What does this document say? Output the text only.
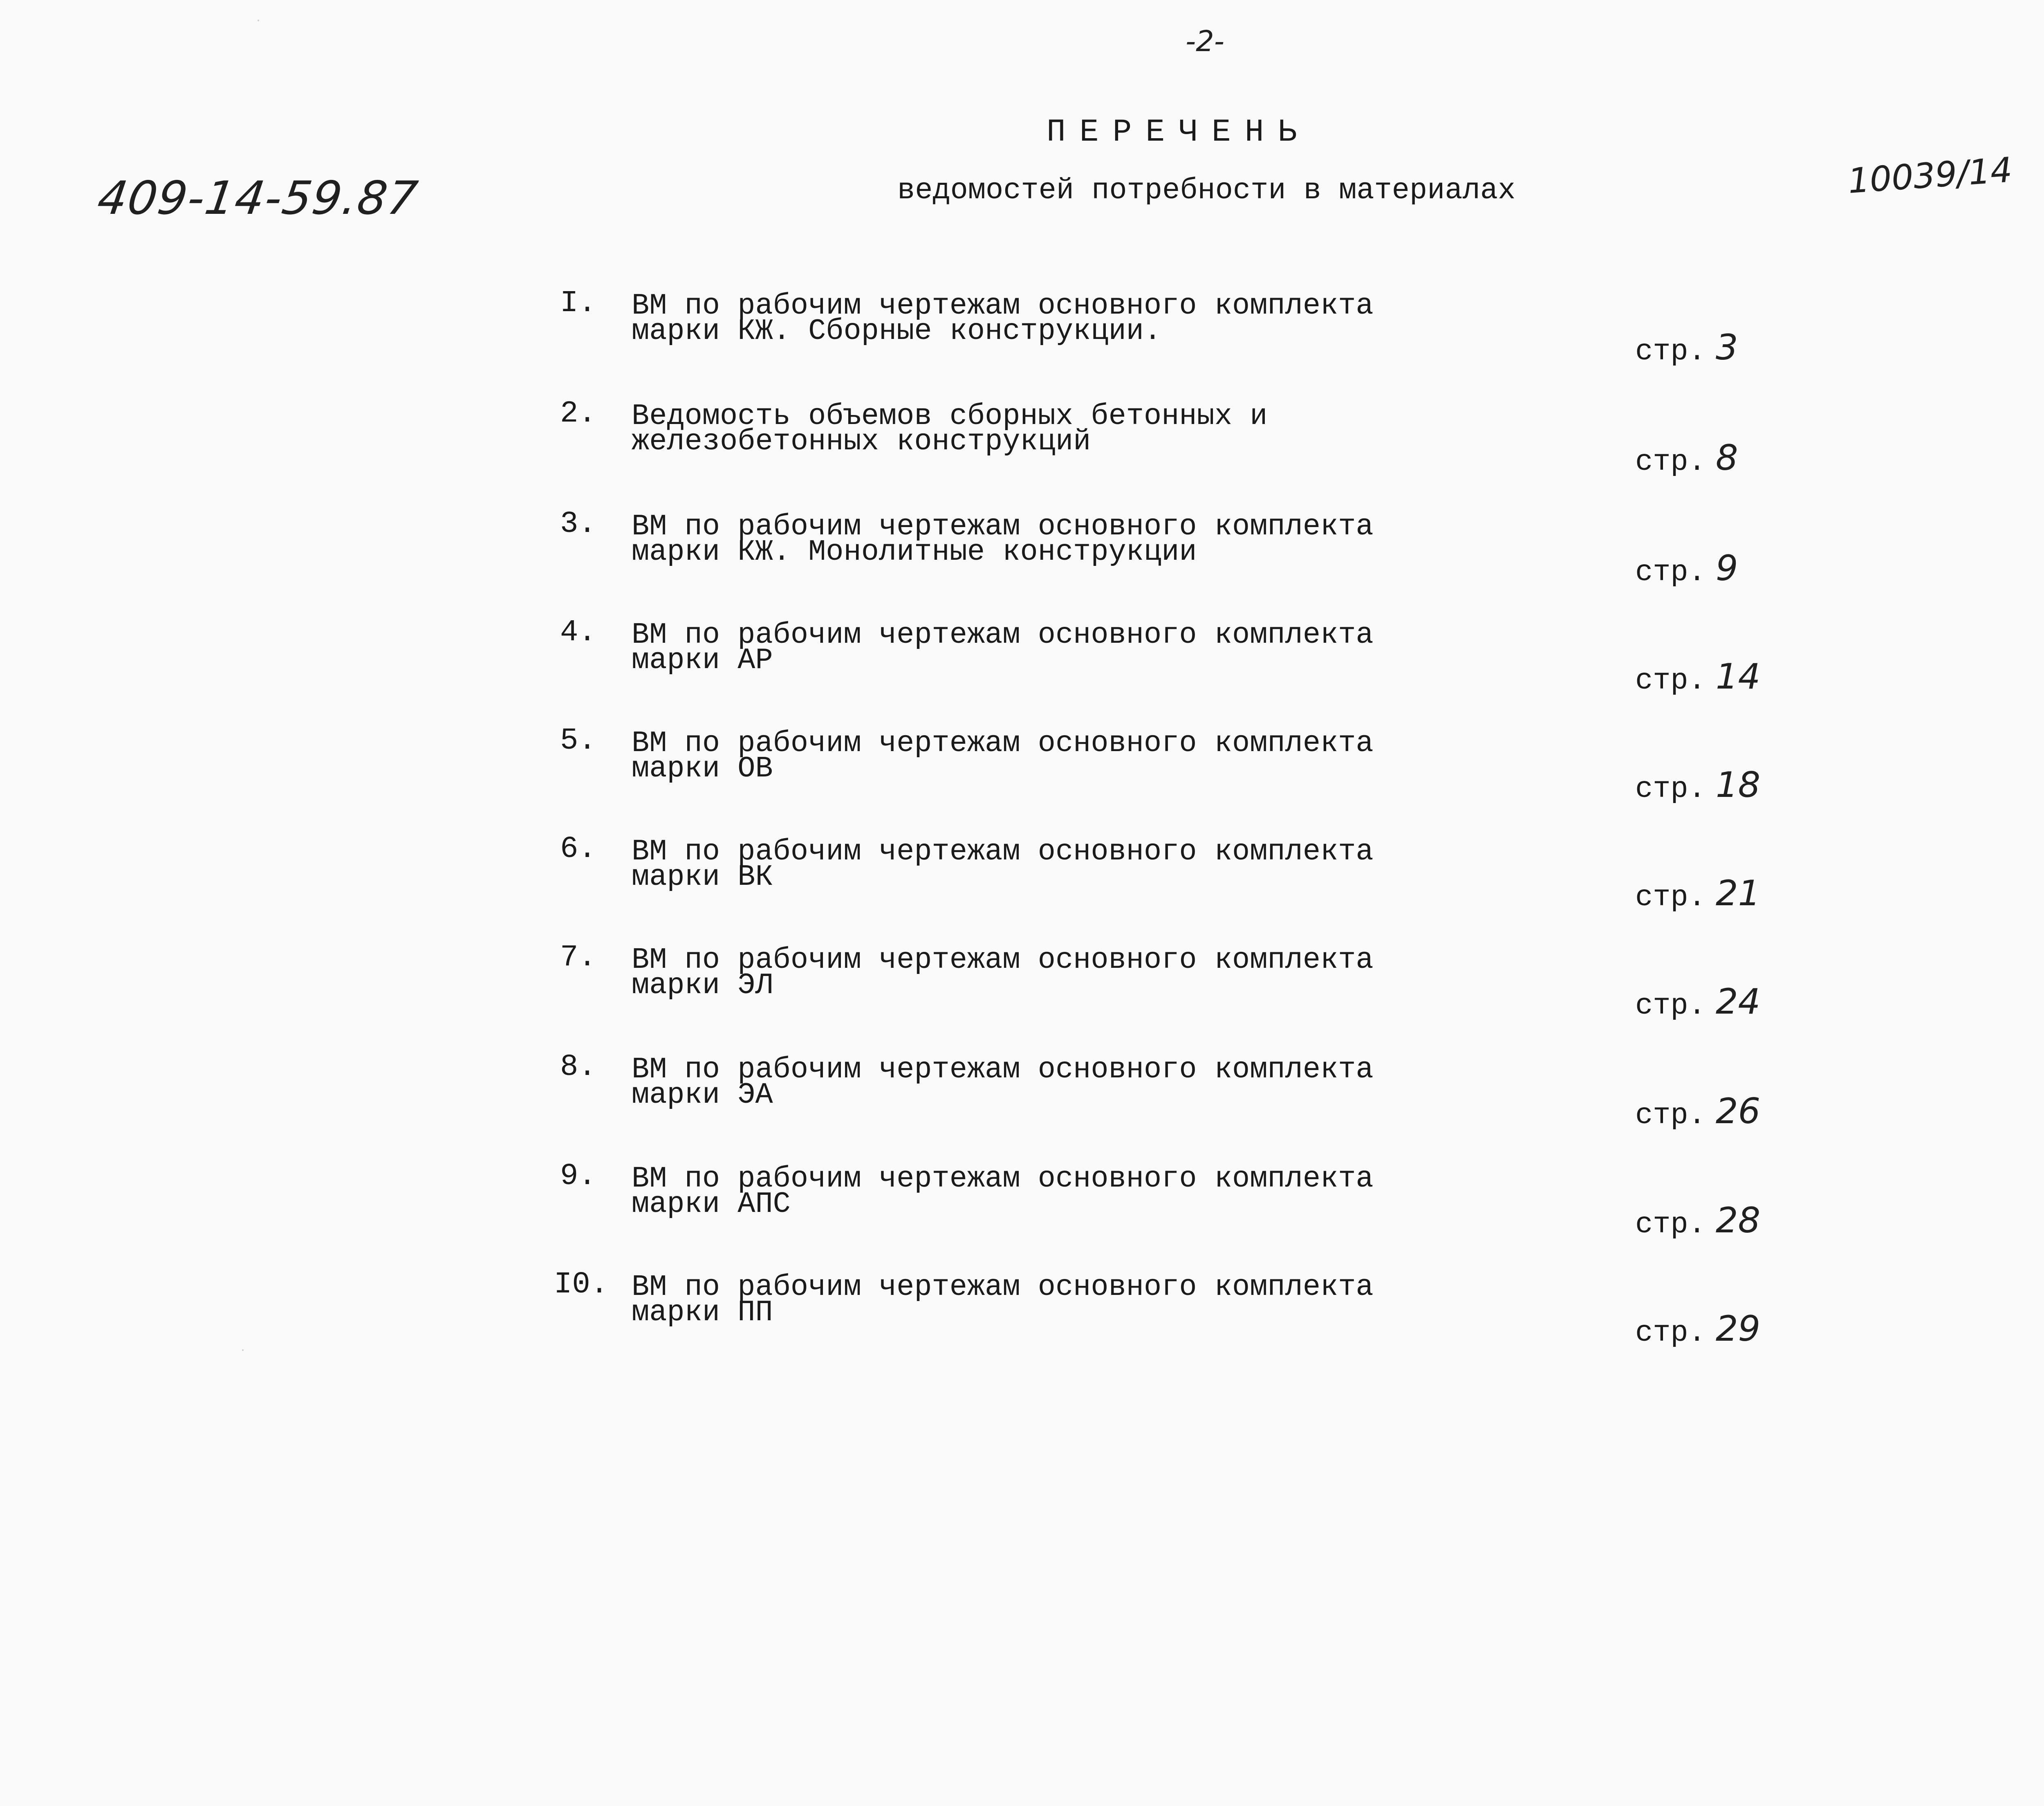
-2-
409-14-59.87	10039/14
ПЕРЕЧЕНЬ
ведомостей потребности в материалах
I. ВМ по рабочим чертежам основного комплекта
марки КЖ. Сборные конструкции.
стр. 3
2. Ведомость объемов сборных бетонных и
железобетонных конструкций
стр. 8
3. ВМ по рабочим чертежам основного комплекта
марки КЖ. Монолитные конструкции
стр. 9
4. ВМ по рабочим чертежам основного комплекта
марки АР
стр. 14
5. ВМ по рабочим чертежам основного комплекта
марки ОВ
стр. 18
6. ВМ по рабочим чертежам основного комплекта
марки ВК
стр. 21
7. ВМ по рабочим чертежам основного комплекта
марки ЭЛ
стр. 24
8. ВМ по рабочим чертежам основного комплекта
марки ЭА
стр. 26
9. ВМ по рабочим чертежам основного комплекта
марки АПС
стр. 28
I0. ВМ по рабочим чертежам основного комплекта
марки ПП
стр. 29
